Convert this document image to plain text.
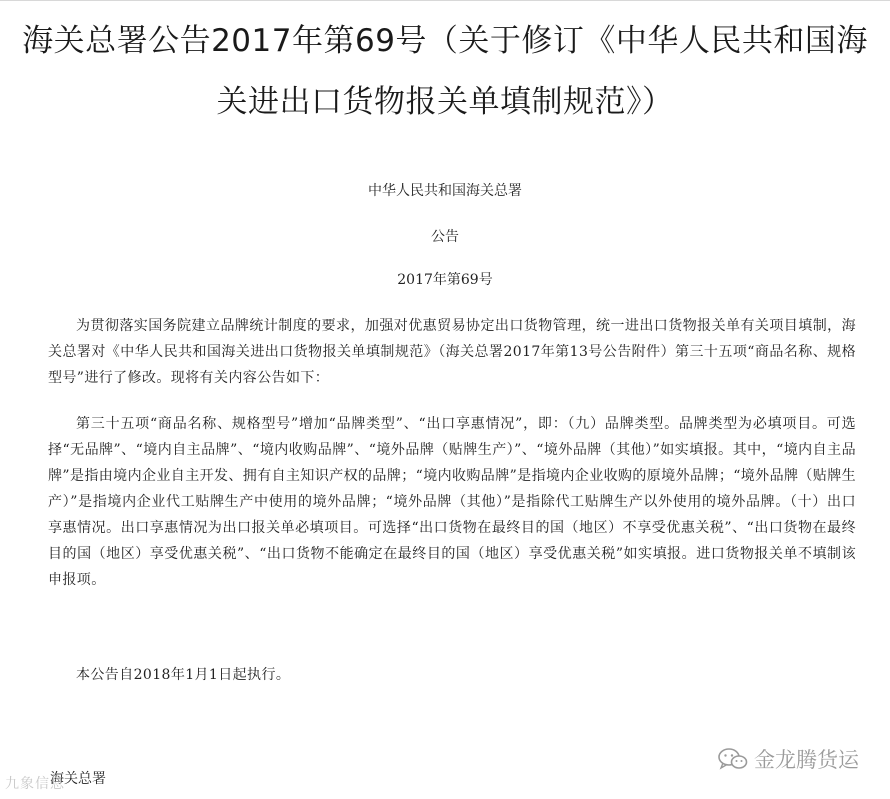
海关总署公告2017年第69号（关于修订《中华人民共和国海关进出口货物报关单填制规范》）
中华人民共和国海关总署
公告
2017年第69号

为贯彻落实国务院建立品牌统计制度的要求，加强对优惠贸易协定出口货物管理，统一进出口货物报关单有关项目填制，海关总署对《中华人民共和国海关进出口货物报关单填制规范》（海关总署2017年第13号公告附件）第三十五项“商品名称、规格型号”进行了修改。现将有关内容公告如下：

第三十五项“商品名称、规格型号”增加“品牌类型”、“出口享惠情况”，即：（九）品牌类型。品牌类型为必填项目。可选择“无品牌”、“境内自主品牌”、“境内收购品牌”、“境外品牌（贴牌生产）”、“境外品牌（其他）”如实填报。其中，“境内自主品牌”是指由境内企业自主开发、拥有自主知识产权的品牌；“境内收购品牌”是指境内企业收购的原境外品牌；“境外品牌（贴牌生产）”是指境内企业代工贴牌生产中使用的境外品牌；“境外品牌（其他）”是指除代工贴牌生产以外使用的境外品牌。（十）出口享惠情况。出口享惠情况为出口报关单必填项目。可选择“出口货物在最终目的国（地区）不享受优惠关税”、“出口货物在最终目的国（地区）享受优惠关税”、“出口货物不能确定在最终目的国（地区）享受优惠关税”如实填报。进口货物报关单不填制该申报项。

本公告自2018年1月1日起执行。

海关总署
九象信息
金龙腾货运
